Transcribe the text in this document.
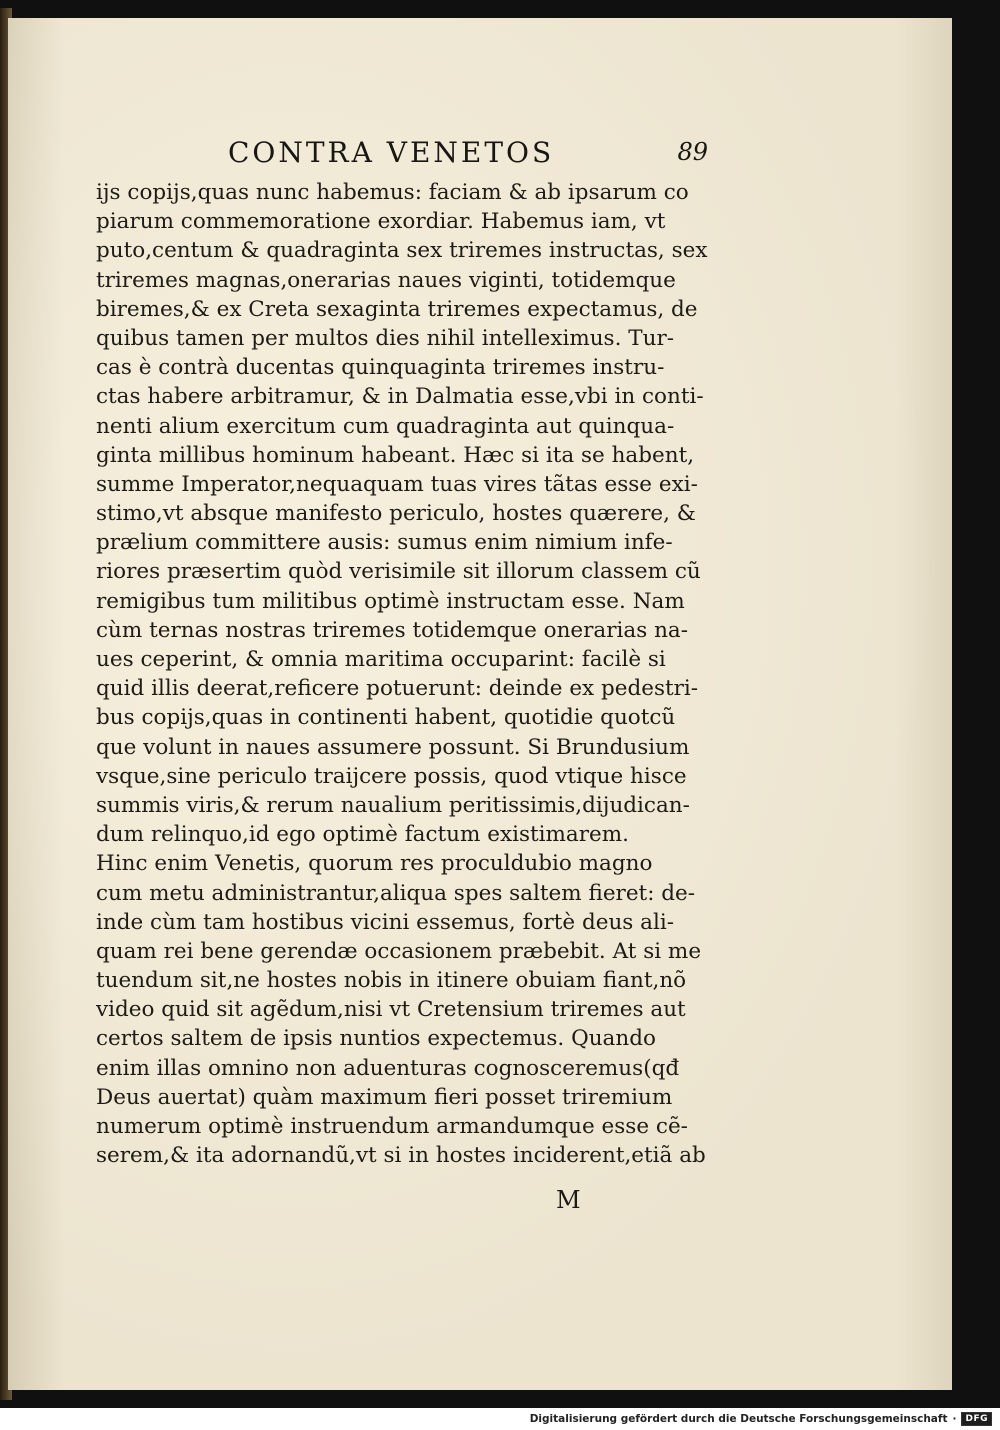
CONTRA VENETOS	89
ijs copijs,quas nunc habemus: faciam & ab ipsarum co
piarum commemoratione exordiar. Habemus iam, vt
puto,centum & quadraginta sex triremes instructas, sex
triremes magnas,onerarias naues viginti, totidemque
biremes,& ex Creta sexaginta triremes expectamus, de
quibus tamen per multos dies nihil intelleximus. Tur-
cas è contrà ducentas quinquaginta triremes instru-
ctas habere arbitramur, & in Dalmatia esse,vbi in conti-
nenti alium exercitum cum quadraginta aut quinqua-
ginta millibus hominum habeant. Hæc si ita se habent,
summe Imperator,nequaquam tuas vires tãtas esse exi-
stimo,vt absque manifesto periculo, hostes quærere, &
prælium committere ausis: sumus enim nimium infe-
riores præsertim quòd verisimile sit illorum classem cũ
remigibus tum militibus optimè instructam esse. Nam
cùm ternas nostras triremes totidemque onerarias na-
ues ceperint, & omnia maritima occuparint: facilè si
quid illis deerat,reficere potuerunt: deinde ex pedestri-
bus copijs,quas in continenti habent, quotidie quotcũ
que volunt in naues assumere possunt. Si Brundusium
vsque,sine periculo traijcere possis, quod vtique hisce
summis viris,& rerum naualium peritissimis,dijudican-
dum relinquo,id ego optimè factum existimarem.
Hinc enim Venetis, quorum res proculdubio magno
cum metu administrantur,aliqua spes saltem fieret: de-
inde cùm tam hostibus vicini essemus, fortè deus ali-
quam rei bene gerendæ occasionem præbebit. At si me
tuendum sit,ne hostes nobis in itinere obuiam fiant,nõ
video quid sit agẽdum,nisi vt Cretensium triremes aut
certos saltem de ipsis nuntios expectemus. Quando
enim illas omnino non aduenturas cognosceremus(qđ
Deus auertat) quàm maximum fieri posset triremium
numerum optimè instruendum armandumque esse cẽ-
serem,& ita adornandũ,vt si in hostes inciderent,etiã ab
M
Digitalisierung gefördert durch die Deutsche Forschungsgemeinschaft ·	DFG
